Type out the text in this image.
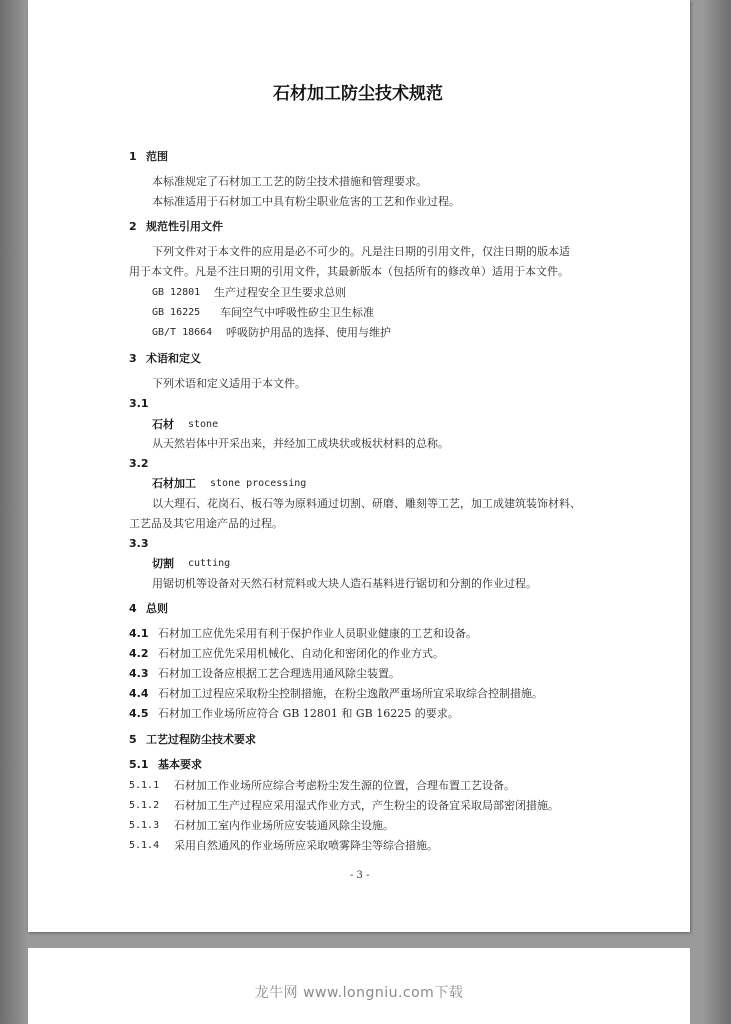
石材加工防尘技术规范
1 范围
本标准规定了石材加工工艺的防尘技术措施和管理要求。
本标准适用于石材加工中具有粉尘职业危害的工艺和作业过程。
2 规范性引用文件
下列文件对于本文件的应用是必不可少的。凡是注日期的引用文件，仅注日期的版本适
用于本文件。凡是不注日期的引用文件，其最新版本（包括所有的修改单）适用于本文件。
GB 12801 生产过程安全卫生要求总则
GB 16225 车间空气中呼吸性矽尘卫生标准
GB/T 18664 呼吸防护用品的选择、使用与维护
3 术语和定义
下列术语和定义适用于本文件。
3.1
石材 stone
从天然岩体中开采出来，并经加工成块状或板状材料的总称。
3.2
石材加工 stone processing
以大理石、花岗石、板石等为原料通过切割、研磨、雕刻等工艺，加工成建筑装饰材料、
工艺品及其它用途产品的过程。
3.3
切割 cutting
用锯切机等设备对天然石材荒料或大块人造石基料进行锯切和分割的作业过程。
4 总则
4.1 石材加工应优先采用有利于保护作业人员职业健康的工艺和设备。
4.2 石材加工应优先采用机械化、自动化和密闭化的作业方式。
4.3 石材加工设备应根据工艺合理选用通风除尘装置。
4.4 石材加工过程应采取粉尘控制措施，在粉尘逸散严重场所宜采取综合控制措施。
4.5 石材加工作业场所应符合 GB 12801 和 GB 16225 的要求。
5 工艺过程防尘技术要求
5.1 基本要求
5.1.1 石材加工作业场所应综合考虑粉尘发生源的位置，合理布置工艺设备。
5.1.2 石材加工生产过程应采用湿式作业方式，产生粉尘的设备宜采取局部密闭措施。
5.1.3 石材加工室内作业场所应安装通风除尘设施。
5.1.4 采用自然通风的作业场所应采取喷雾降尘等综合措施。
- 3 -
龙牛网 www.longniu.com下载
